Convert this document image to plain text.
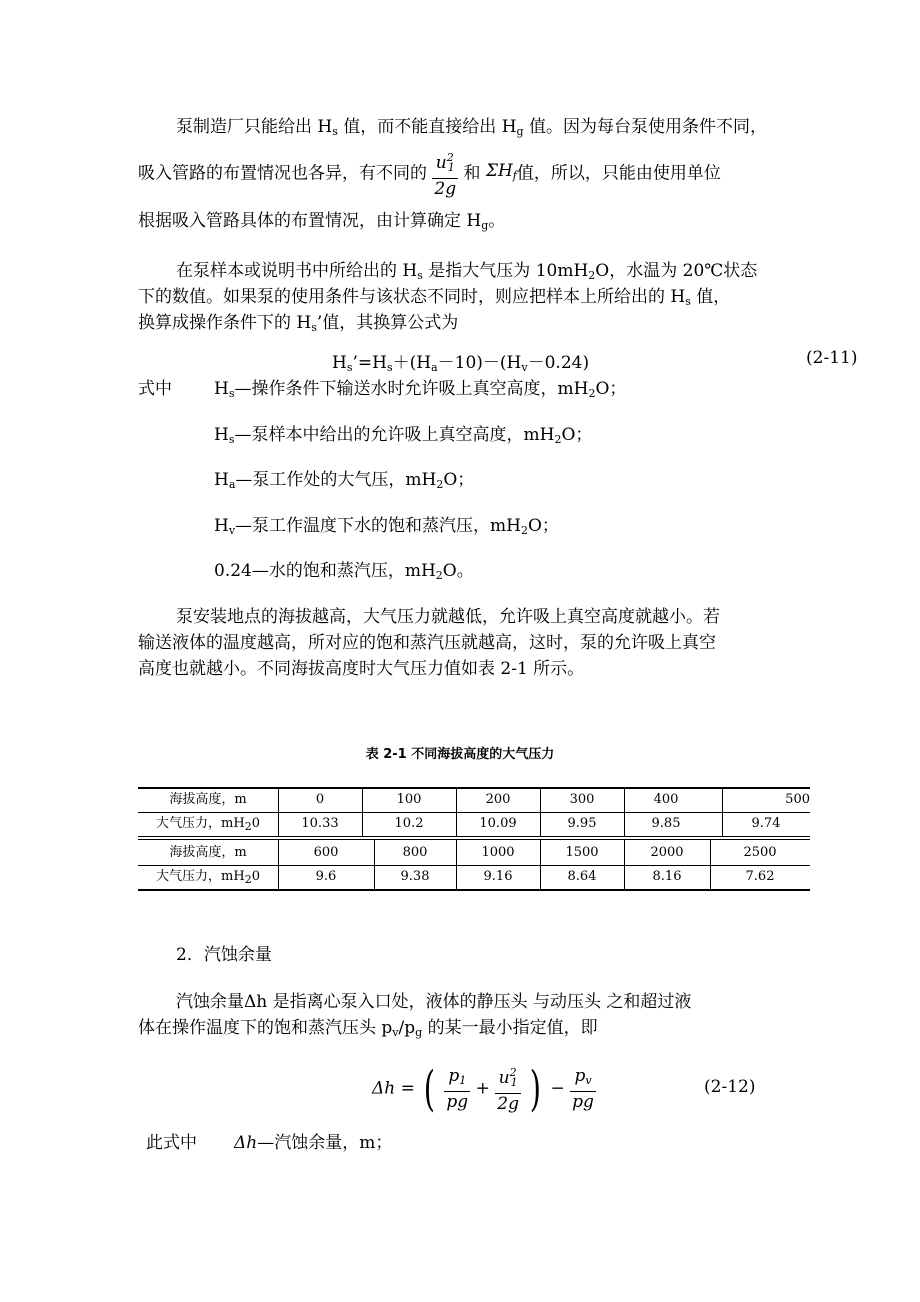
泵制造厂只能给出 $H_s$ 值，而不能直接给出 $H_g$ 值。因为每台泵使用条件不同，
吸入管路的布置情况也各异，有不同的 $\frac{u^2_1}{2g}$ 和 $\Sigma H_f$值，所以，只能由使用单位
根据吸入管路具体的布置情况，由计算确定 $H_g$。
在泵样本或说明书中所给出的 $H_s$ 是指大气压为 $10mH_2O$，水温为 20℃状态
下的数值。如果泵的使用条件与该状态不同时，则应把样本上所给出的 $H_s$ 值，
换算成操作条件下的 $H_s$’值，其换算公式为
$H_s’=H_s+(H_a-10)-(H_v-0.24)$	(2-11)
式中 $H_s—$操作条件下输送水时允许吸上真空高度，$mH_2O$；
$H_s—$泵样本中给出的允许吸上真空高度，$mH_2O$；
$H_a—$泵工作处的大气压，$mH_2O$；
$H_v—$泵工作温度下水的饱和蒸汽压，$mH_2O$；
0.24—水的饱和蒸汽压，$mH_2O$。
泵安装地点的海拔越高，大气压力就越低，允许吸上真空高度就越小。若
输送液体的温度越高，所对应的饱和蒸汽压就越高，这时，泵的允许吸上真空
高度也就越小。不同海拔高度时大气压力值如表 2-1 所示。
表 2-1 不同海拔高度的大气压力
海拔高度，m	0	100	200	300	400	500
大气压力，$mH_20$	10.33	10.2	10.09	9.95	9.85	9.74
海拔高度，m	600	800	1000	1500	2000	2500
大气压力，$mH_20$	9.6	9.38	9.16	8.64	8.16	7.62
2．汽蚀余量
汽蚀余量Δh 是指离心泵入口处，液体的静压头 与动压头 之和超过液
体在操作温度下的饱和蒸汽压头 $p_v/p_g$ 的某一最小指定值，即
Δh = ( $\frac{p_1}{pg} + \frac{u^2_1}{2g}$ ) − $\frac{p_v}{pg}$	(2-12)
此式中 Δh—汽蚀余量，m；
